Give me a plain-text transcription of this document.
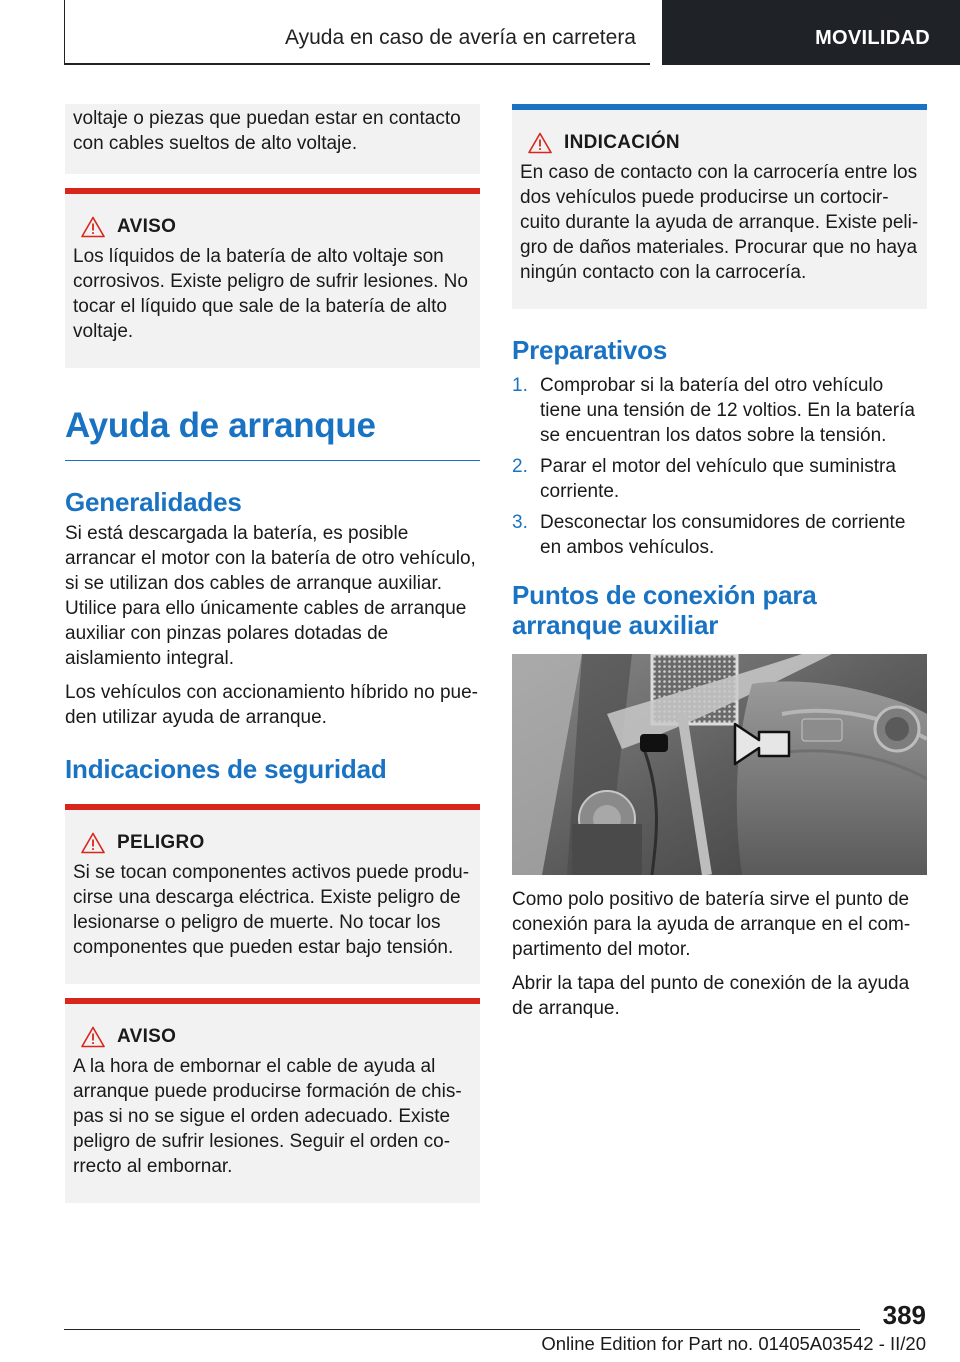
Ayuda en caso de avería en carretera	MOVILIDAD
voltaje o piezas que puedan estar en contacto con cables sueltos de alto voltaje.
AVISO
Los líquidos de la batería de alto voltaje son corrosivos. Existe peligro de sufrir lesiones. No tocar el líquido que sale de la batería de alto voltaje.
Ayuda de arranque
Generalidades

Si está descargada la batería, es posible arrancar el motor con la batería de otro vehículo, si se utilizan dos cables de arranque auxiliar. Utilice para ello únicamente cables de arranque auxiliar con pinzas polares dotadas de aislamiento integral.

Los vehículos con accionamiento híbrido no pueden utilizar ayuda de arranque.

Indicaciones de seguridad
PELIGRO
Si se tocan componentes activos puede producirse una descarga eléctrica. Existe peligro de lesionarse o peligro de muerte. No tocar los componentes que pueden estar bajo tensión.
AVISO
A la hora de embornar el cable de ayuda al arranque puede producirse formación de chispas si no se sigue el orden adecuado. Existe peligro de sufrir lesiones. Seguir el orden correcto al embornar.
INDICACIÓN
En caso de contacto con la carrocería entre los dos vehículos puede producirse un cortocircuito durante la ayuda de arranque. Existe peligro de daños materiales. Procurar que no haya ningún contacto con la carrocería.
Preparativos
1. Comprobar si la batería del otro vehículo tiene una tensión de 12 voltios. En la batería se encuentran los datos sobre la tensión.
2. Parar el motor del vehículo que suministra corriente.
3. Desconectar los consumidores de corriente en ambos vehículos.
Puntos de conexión para arranque auxiliar

Como polo positivo de batería sirve el punto de conexión para la ayuda de arranque en el compartimento del motor.

Abrir la tapa del punto de conexión de la ayuda de arranque.

389
Online Edition for Part no. 01405A03542 - II/20
